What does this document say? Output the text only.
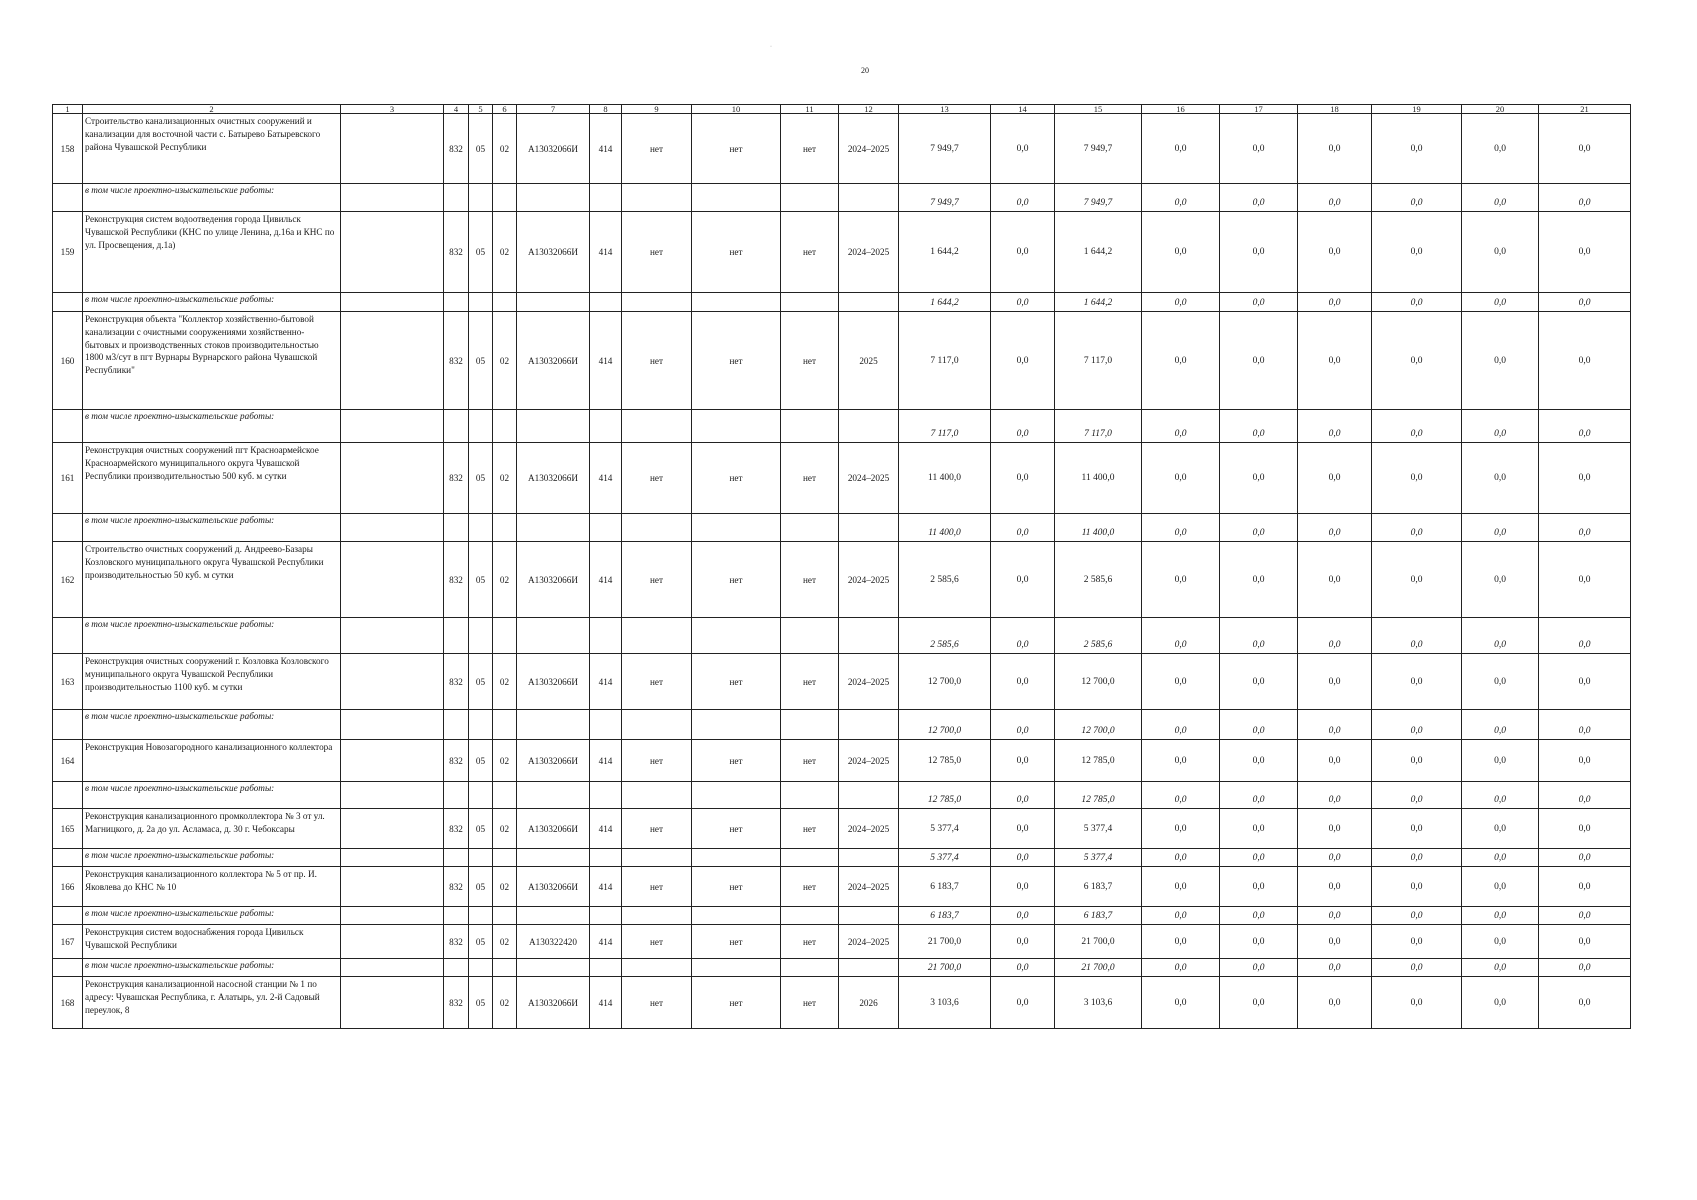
·
20
1	2	3	4	5	6	7	8	9	10	11	12	13	14	15	16	17	18	19	20	21
158	Строительство канализационных очистных сооружений и канализации для восточной части с. Батырево Батыревского района Чувашской Республики		832	05	02	А13032066И	414	нет	нет	нет	2024–2025	7 949,7	0,0	7 949,7	0,0	0,0	0,0	0,0	0,0	0,0
	в том числе проектно-изыскательские работы:											7 949,7	0,0	7 949,7	0,0	0,0	0,0	0,0	0,0	0,0
159	Реконструкция систем водоотведения города Цивильск Чувашской Республики (КНС по улице Ленина, д.16а и КНС по ул. Просвещения, д.1а)		832	05	02	А13032066И	414	нет	нет	нет	2024–2025	1 644,2	0,0	1 644,2	0,0	0,0	0,0	0,0	0,0	0,0
	в том числе проектно-изыскательские работы:											1 644,2	0,0	1 644,2	0,0	0,0	0,0	0,0	0,0	0,0
160	Реконструкция объекта "Коллектор хозяйственно-бытовой канализации с очистными сооружениями хозяйственно-бытовых и производственных стоков производительностью 1800 м3/сут в пгт Вурнары Вурнарского района Чувашской Республики"		832	05	02	А13032066И	414	нет	нет	нет	2025	7 117,0	0,0	7 117,0	0,0	0,0	0,0	0,0	0,0	0,0
	в том числе проектно-изыскательские работы:											7 117,0	0,0	7 117,0	0,0	0,0	0,0	0,0	0,0	0,0
161	Реконструкция очистных сооружений пгт Красноармейское Красноармейского муниципального округа Чувашской Республики производительностью 500 куб. м сутки		832	05	02	А13032066И	414	нет	нет	нет	2024–2025	11 400,0	0,0	11 400,0	0,0	0,0	0,0	0,0	0,0	0,0
	в том числе проектно-изыскательские работы:											11 400,0	0,0	11 400,0	0,0	0,0	0,0	0,0	0,0	0,0
162	Строительство очистных сооружений д. Андреево-Базары Козловского муниципального округа Чувашской Республики производительностью 50 куб. м сутки		832	05	02	А13032066И	414	нет	нет	нет	2024–2025	2 585,6	0,0	2 585,6	0,0	0,0	0,0	0,0	0,0	0,0
	в том числе проектно-изыскательские работы:											2 585,6	0,0	2 585,6	0,0	0,0	0,0	0,0	0,0	0,0
163	Реконструкция очистных сооружений г. Козловка Козловского муниципального округа Чувашской Республики производительностью 1100 куб. м сутки		832	05	02	А13032066И	414	нет	нет	нет	2024–2025	12 700,0	0,0	12 700,0	0,0	0,0	0,0	0,0	0,0	0,0
	в том числе проектно-изыскательские работы:											12 700,0	0,0	12 700,0	0,0	0,0	0,0	0,0	0,0	0,0
164	Реконструкция Новозагородного канализационного коллектора		832	05	02	А13032066И	414	нет	нет	нет	2024–2025	12 785,0	0,0	12 785,0	0,0	0,0	0,0	0,0	0,0	0,0
	в том числе проектно-изыскательские работы:											12 785,0	0,0	12 785,0	0,0	0,0	0,0	0,0	0,0	0,0
165	Реконструкция канализационного промколлектора № 3 от ул. Магницкого, д. 2а до ул. Асламаса, д. 30 г. Чебоксары		832	05	02	А13032066И	414	нет	нет	нет	2024–2025	5 377,4	0,0	5 377,4	0,0	0,0	0,0	0,0	0,0	0,0
	в том числе проектно-изыскательские работы:											5 377,4	0,0	5 377,4	0,0	0,0	0,0	0,0	0,0	0,0
166	Реконструкция канализационного коллектора № 5 от пр. И. Яковлева до КНС № 10		832	05	02	А13032066И	414	нет	нет	нет	2024–2025	6 183,7	0,0	6 183,7	0,0	0,0	0,0	0,0	0,0	0,0
	в том числе проектно-изыскательские работы:											6 183,7	0,0	6 183,7	0,0	0,0	0,0	0,0	0,0	0,0
167	Реконструкция систем водоснабжения города Цивильск Чувашской Республики		832	05	02	А130322420	414	нет	нет	нет	2024–2025	21 700,0	0,0	21 700,0	0,0	0,0	0,0	0,0	0,0	0,0
	в том числе проектно-изыскательские работы:											21 700,0	0,0	21 700,0	0,0	0,0	0,0	0,0	0,0	0,0
168	Реконструкция канализационной насосной станции № 1 по адресу: Чувашская Республика, г. Алатырь, ул. 2-й Садовый переулок, 8		832	05	02	А13032066И	414	нет	нет	нет	2026	3 103,6	0,0	3 103,6	0,0	0,0	0,0	0,0	0,0	0,0
